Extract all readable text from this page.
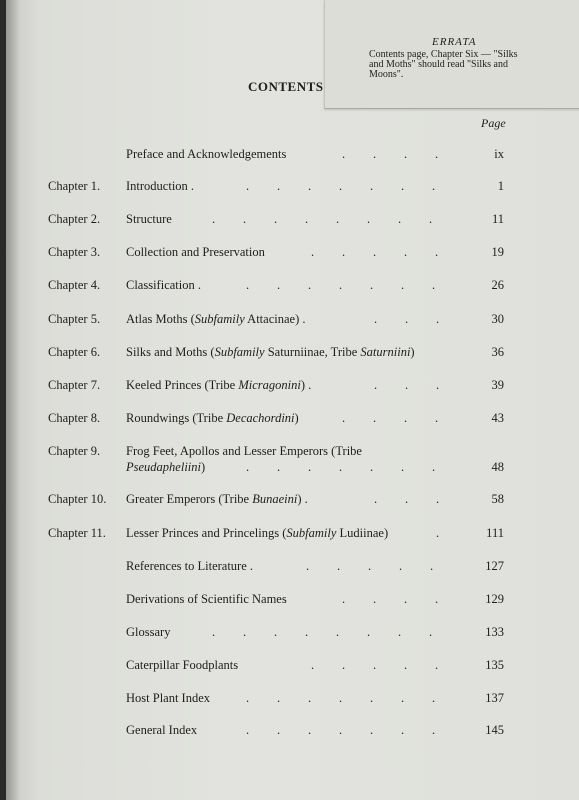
ERRATA
Contents page, Chapter Six — "Silks
and Moths" should read "Silks and
Moons".
CONTENTS
Page
Preface and Acknowledgements	. . . .	ix
Chapter 1. Introduction .	. . . . . . .	1
Chapter 2. Structure	. . . . . . . .	11
Chapter 3. Collection and Preservation	. . . . .	19
Chapter 4. Classification .	. . . . . . .	26
Chapter 5. Atlas Moths (Subfamily Attacinae) .	. . .	30
Chapter 6. Silks and Moths (Subfamily Saturniinae, Tribe Saturniini)	36
Chapter 7. Keeled Princes (Tribe Micragonini) .	. . .	39
Chapter 8. Roundwings (Tribe Decachordini)	. . . .	43
Chapter 9. Frog Feet, Apollos and Lesser Emperors (Tribe
Pseudapheliini)	. . . . . . .	48
Chapter 10. Greater Emperors (Tribe Bunaeini) .	. . .	58
Chapter 11. Lesser Princes and Princelings (Subfamily Ludiinae)	.	111
References to Literature .	. . . . .	127
Derivations of Scientific Names	. . . .	129
Glossary	. . . . . . . .	133
Caterpillar Foodplants	. . . . .	135
Host Plant Index	. . . . . . .	137
General Index	. . . . . . .	145
